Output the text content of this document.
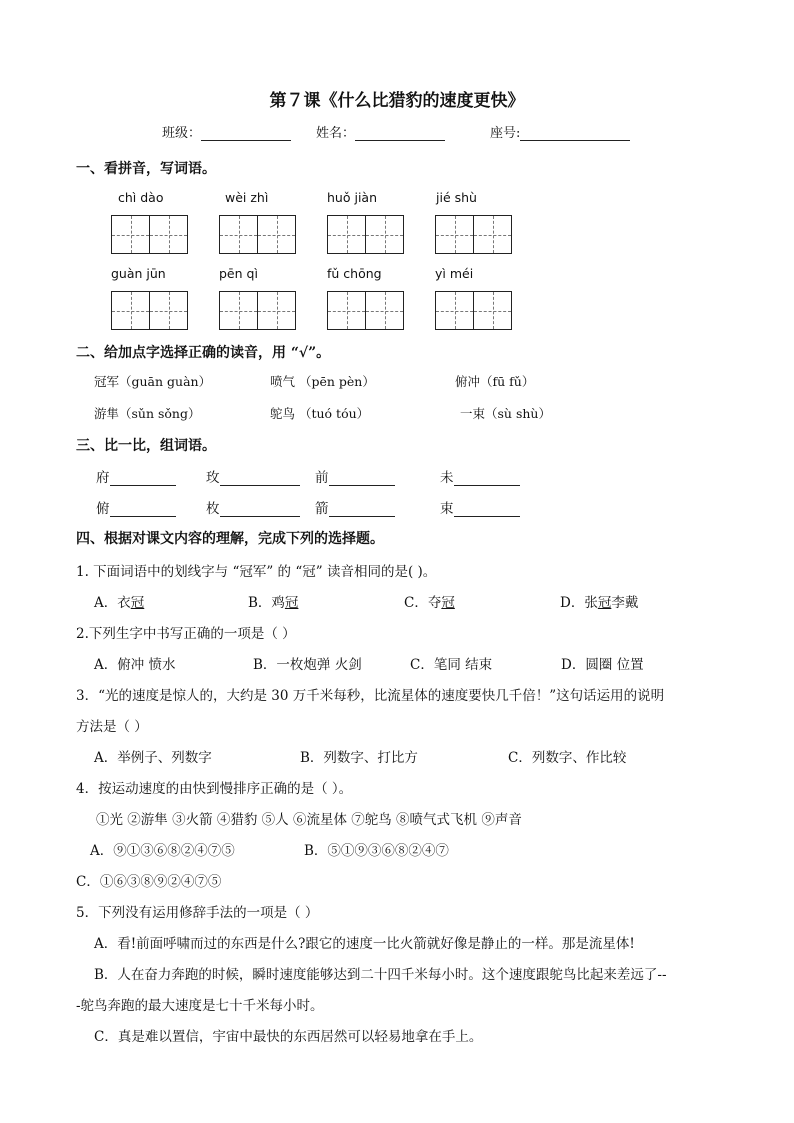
第７课《什么比猎豹的速度更快》
班级：	姓名：	座号:
一、看拼音，写词语。
chì dào	wèi zhì	huǒ jiàn	jié shù
guàn jūn	pēn qì	fǔ chōng	yì méi
二、给加点字选择正确的读音，用 “√”。
冠军（guān guàn）	喷气 （pēn pèn）	俯冲（fū fǔ）
游隼（sǔn sǒng）	鸵鸟 （tuó tóu）	一束（sù shù）
三、比一比，组词语。
府	玫	前	未
俯	枚	箭	束
四、根据对课文内容的理解，完成下列的选择题。
1. 下面词语中的划线字与 “冠军” 的 “冠” 读音相同的是( )。
A．衣冠	B．鸡冠	C．夺冠	D．张冠李戴
2.下列生字中书写正确的一项是（ ）
A．俯冲 愤水	B．一枚炮弹 火剑	C．笔同 结束	D．圆圈 位置
3．“光的速度是惊人的，大约是 30 万千米每秒，比流星体的速度要快几千倍！”这句话运用的说明
方法是（ ）
A．举例子、列数字	B．列数字、打比方	C．列数字、作比较
4．按运动速度的由快到慢排序正确的是（ ）。
①光 ②游隼 ③火箭 ④猎豹 ⑤人 ⑥流星体 ⑦鸵鸟 ⑧喷气式飞机 ⑨声音
A．⑨①③⑥⑧②④⑦⑤	B．⑤①⑨③⑥⑧②④⑦
C．①⑥③⑧⑨②④⑦⑤
5．下列没有运用修辞手法的一项是（ ）
A．看!前面呼啸而过的东西是什么?跟它的速度一比火箭就好像是静止的一样。那是流星体!
B．人在奋力奔跑的时候，瞬时速度能够达到二十四千米每小时。这个速度跟鸵鸟比起来差远了--
-鸵鸟奔跑的最大速度是七十千米每小时。
C．真是难以置信，宇宙中最快的东西居然可以轻易地拿在手上。
